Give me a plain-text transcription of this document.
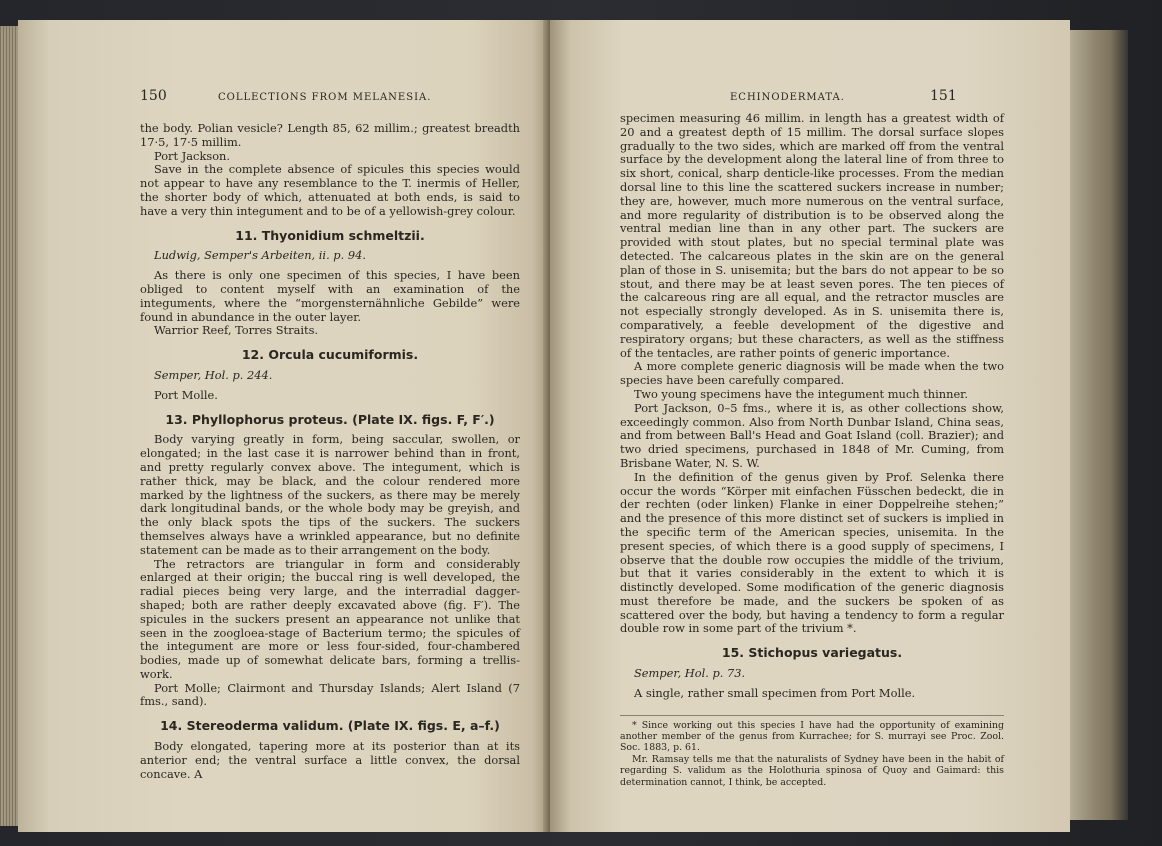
150	COLLECTIONS FROM MELANESIA.

the body. Polian vesicle? Length 85, 62 millim.; greatest breadth 17·5, 17·5 millim.

Port Jackson.

Save in the complete absence of spicules this species would not appear to have any resemblance to the T. inermis of Heller, the shorter body of which, attenuated at both ends, is said to have a very thin integument and to be of a yellowish-grey colour.

11. Thyonidium schmeltzii.
Ludwig, Semper's Arbeiten, ii. p. 94.

As there is only one specimen of this species, I have been obliged to content myself with an examination of the integuments, where the “morgensternähnliche Gebilde” were found in abundance in the outer layer.

Warrior Reef, Torres Straits.

12. Orcula cucumiformis.
Semper, Hol. p. 244.

Port Molle.

13. Phyllophorus proteus. (Plate IX. figs. F, F′.)

Body varying greatly in form, being saccular, swollen, or elongated; in the last case it is narrower behind than in front, and pretty regularly convex above. The integument, which is rather thick, may be black, and the colour rendered more marked by the lightness of the suckers, as there may be merely dark longitudinal bands, or the whole body may be greyish, and the only black spots the tips of the suckers. The suckers themselves always have a wrinkled appearance, but no definite statement can be made as to their arrangement on the body.

The retractors are triangular in form and considerably enlarged at their origin; the buccal ring is well developed, the radial pieces being very large, and the interradial dagger-shaped; both are rather deeply excavated above (fig. F′). The spicules in the suckers present an appearance not unlike that seen in the zoogloea-stage of Bacterium termo; the spicules of the integument are more or less four-sided, four-chambered bodies, made up of somewhat delicate bars, forming a trellis-work.

Port Molle; Clairmont and Thursday Islands; Alert Island (7 fms., sand).

14. Stereoderma validum. (Plate IX. figs. E, a–f.)

Body elongated, tapering more at its posterior than at its anterior end; the ventral surface a little convex, the dorsal concave. A

ECHINODERMATA.	151

specimen measuring 46 millim. in length has a greatest width of 20 and a greatest depth of 15 millim. The dorsal surface slopes gradually to the two sides, which are marked off from the ventral surface by the development along the lateral line of from three to six short, conical, sharp denticle-like processes. From the median dorsal line to this line the scattered suckers increase in number; they are, however, much more numerous on the ventral surface, and more regularity of distribution is to be observed along the ventral median line than in any other part. The suckers are provided with stout plates, but no special terminal plate was detected. The calcareous plates in the skin are on the general plan of those in S. unisemita; but the bars do not appear to be so stout, and there may be at least seven pores. The ten pieces of the calcareous ring are all equal, and the retractor muscles are not especially strongly developed. As in S. unisemita there is, comparatively, a feeble development of the digestive and respiratory organs; but these characters, as well as the stiffness of the tentacles, are rather points of generic importance.

A more complete generic diagnosis will be made when the two species have been carefully compared.

Two young specimens have the integument much thinner.

Port Jackson, 0–5 fms., where it is, as other collections show, exceedingly common. Also from North Dunbar Island, China seas, and from between Ball's Head and Goat Island (coll. Brazier); and two dried specimens, purchased in 1848 of Mr. Cuming, from Brisbane Water, N. S. W.

In the definition of the genus given by Prof. Selenka there occur the words “Körper mit einfachen Füsschen bedeckt, die in der rechten (oder linken) Flanke in einer Doppelreihe stehen;” and the presence of this more distinct set of suckers is implied in the specific term of the American species, unisemita. In the present species, of which there is a good supply of specimens, I observe that the double row occupies the middle of the trivium, but that it varies considerably in the extent to which it is distinctly developed. Some modification of the generic diagnosis must therefore be made, and the suckers be spoken of as scattered over the body, but having a tendency to form a regular double row in some part of the trivium *.

15. Stichopus variegatus.
Semper, Hol. p. 73.

A single, rather small specimen from Port Molle.

* Since working out this species I have had the opportunity of examining another member of the genus from Kurrachee; for S. murrayi see Proc. Zool. Soc. 1883, p. 61.

Mr. Ramsay tells me that the naturalists of Sydney have been in the habit of regarding S. validum as the Holothuria spinosa of Quoy and Gaimard: this determination cannot, I think, be accepted.
